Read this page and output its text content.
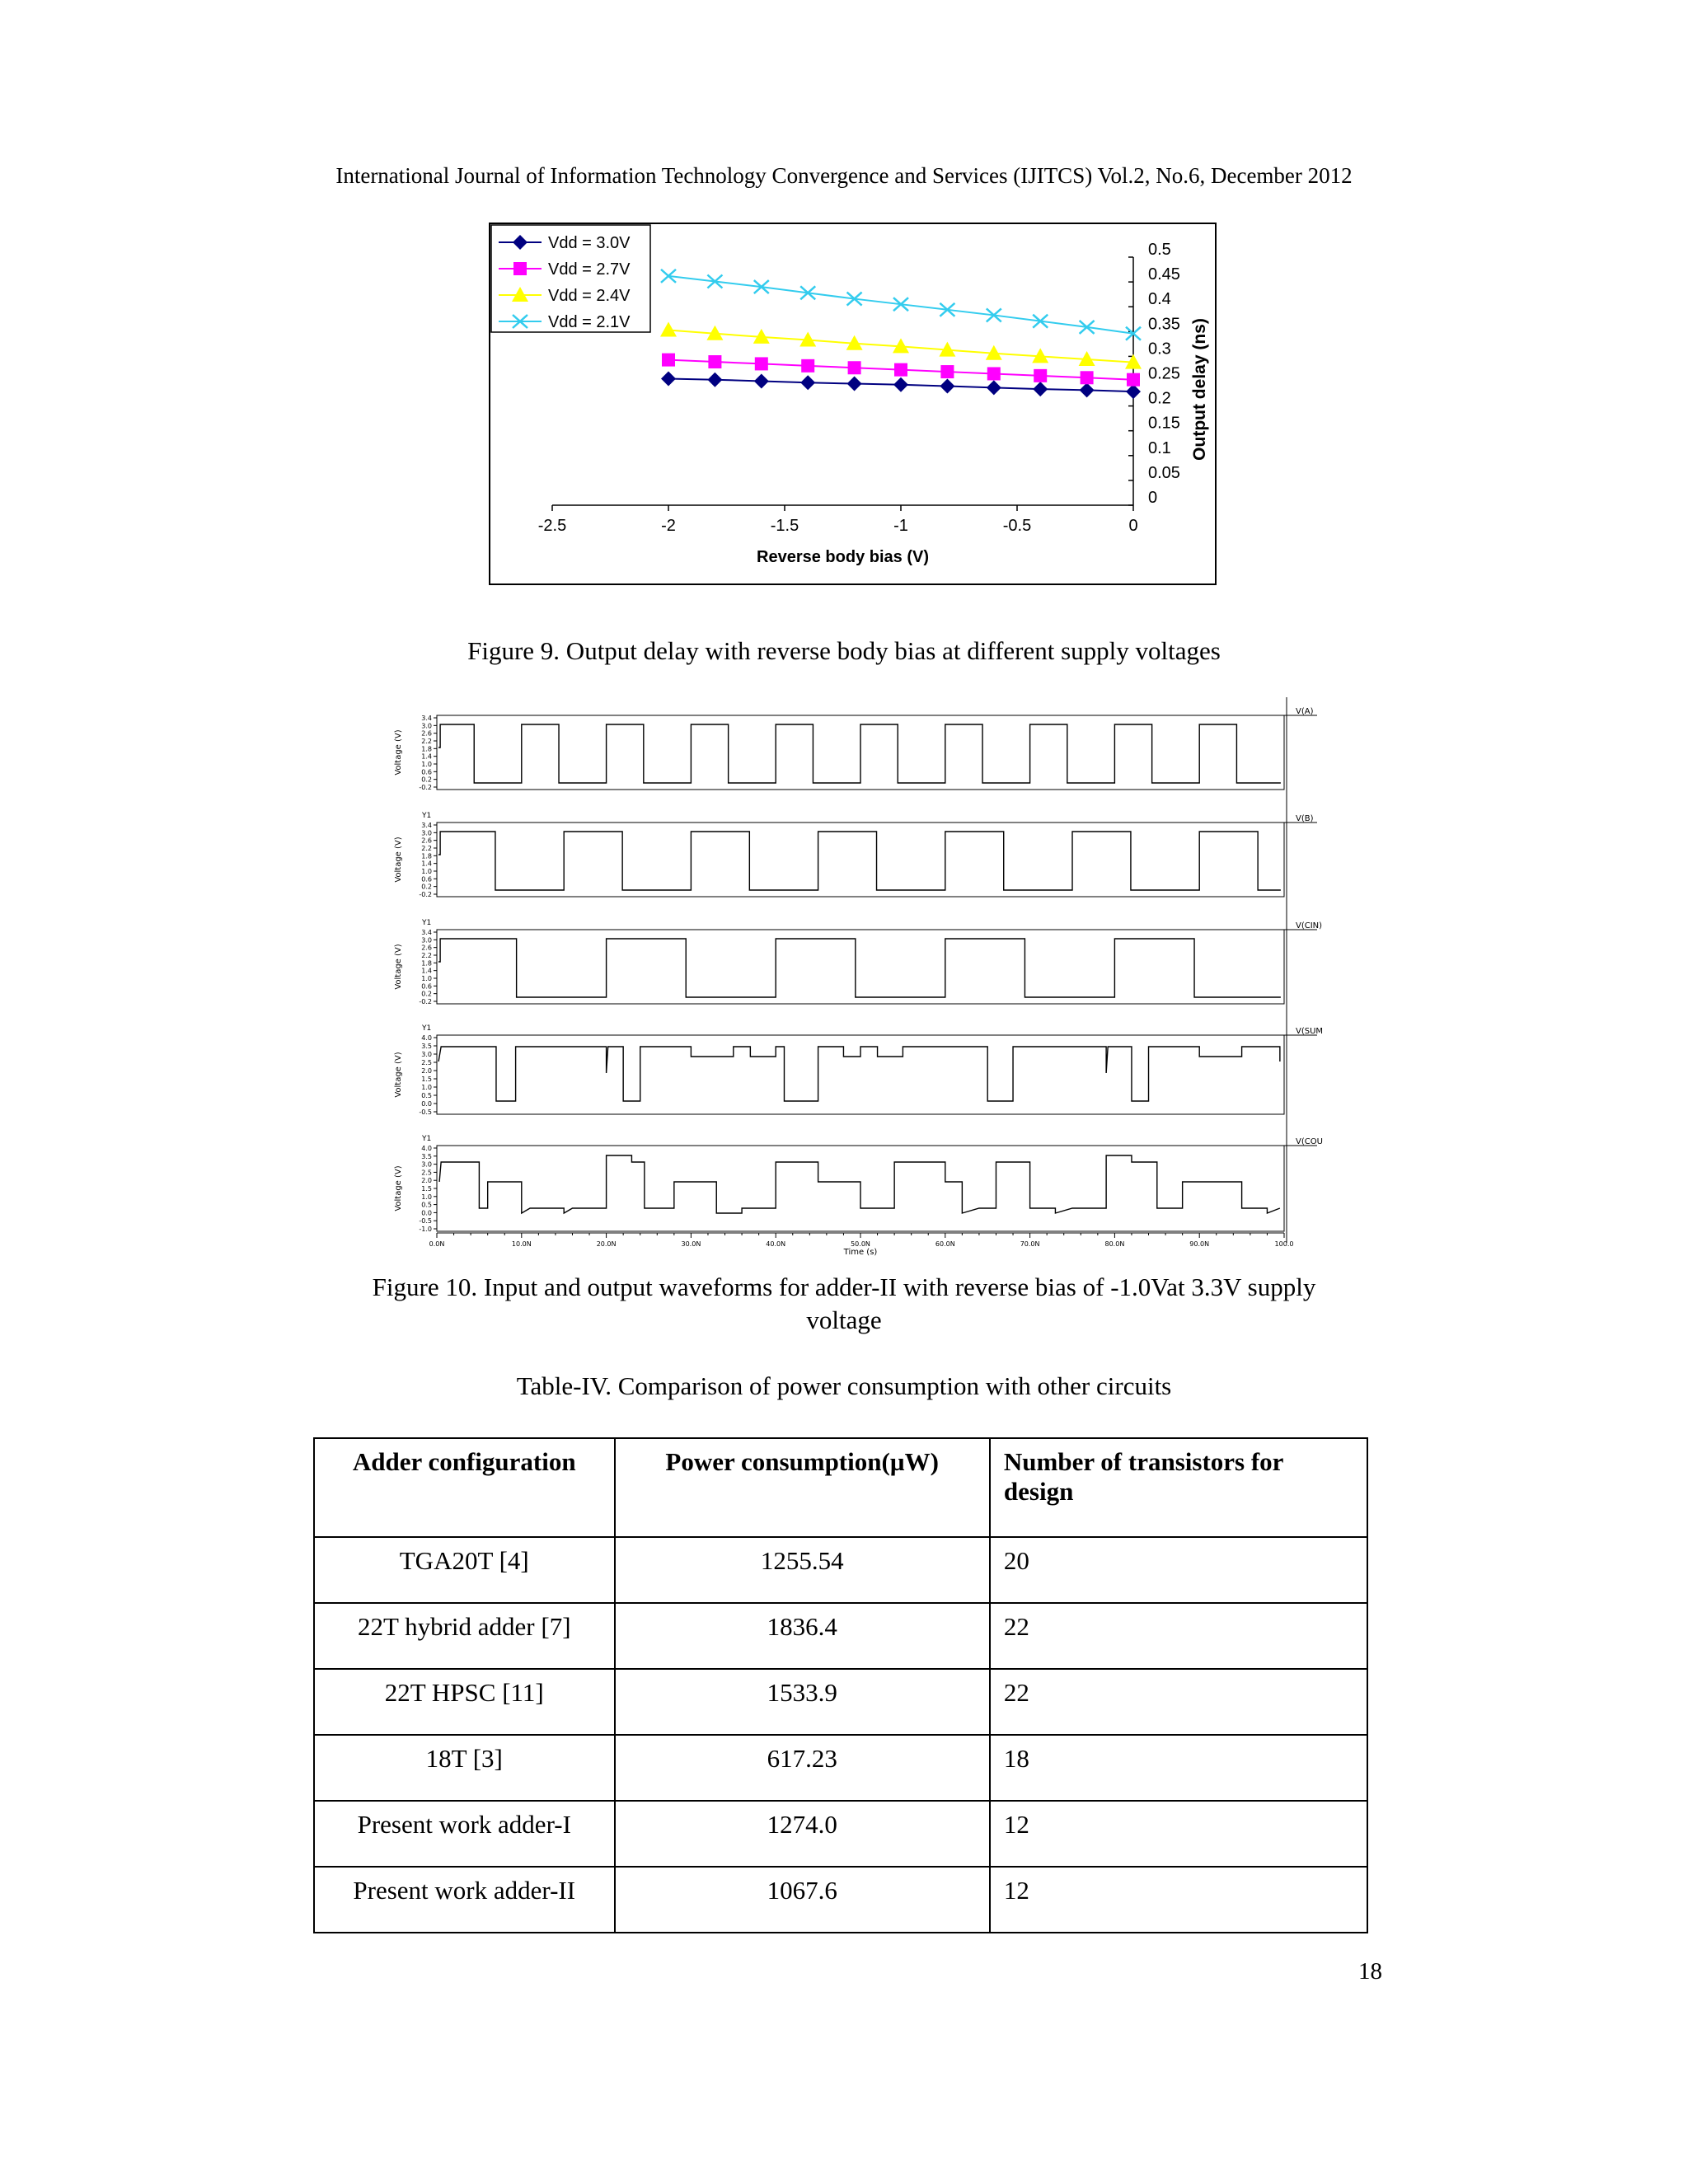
International Journal of Information Technology Convergence and Services (IJITCS) Vol.2, No.6, December 2012
-2.5	-2	-1.5	-1	-0.5	0
0
0.05
0.1
0.15
0.2
0.25
0.3
0.35
0.4
0.45
0.5
Reverse body bias (V)
Output delay (ns)
Vdd = 3.0V
Vdd = 2.7V
Vdd = 2.4V
Vdd = 2.1V
Figure 9. Output delay with reverse body bias at different supply voltages
V(A)
3.4
3.0
2.6
2.2
1.8
1.4
1.0
0.6
0.2
-0.2
Voltage (V)
V(B)
Y1
3.4
3.0
2.6
2.2
1.8
1.4
1.0
0.6
0.2
-0.2
Voltage (V)
V(CIN)
Y1
3.4
3.0
2.6
2.2
1.8
1.4
1.0
0.6
0.2
-0.2
Voltage (V)
V(SUM
Y1
4.0
3.5
3.0
2.5
2.0
1.5
1.0
0.5
0.0
-0.5
Voltage (V)
V(COU
Y1
4.0
3.5
3.0
2.5
2.0
1.5
1.0
0.5
0.0
-0.5
-1.0
Voltage (V)
0.0N	10.0N	20.0N	30.0N	40.0N	50.0N	60.0N	70.0N	80.0N	90.0N	100.0
Time (s)
Figure 10. Input and output waveforms for adder-II with reverse bias of -1.0Vat 3.3V supply
voltage
Table-IV. Comparison of power consumption with other circuits
Adder configuration	Power consumption(µW)	Number of transistors for design
TGA20T [4]	1255.54	20
22T hybrid adder [7]	1836.4	22
22T HPSC [11]	1533.9	22
18T [3]	617.23	18
Present work adder-I	1274.0	12
Present work adder-II	1067.6	12
18
